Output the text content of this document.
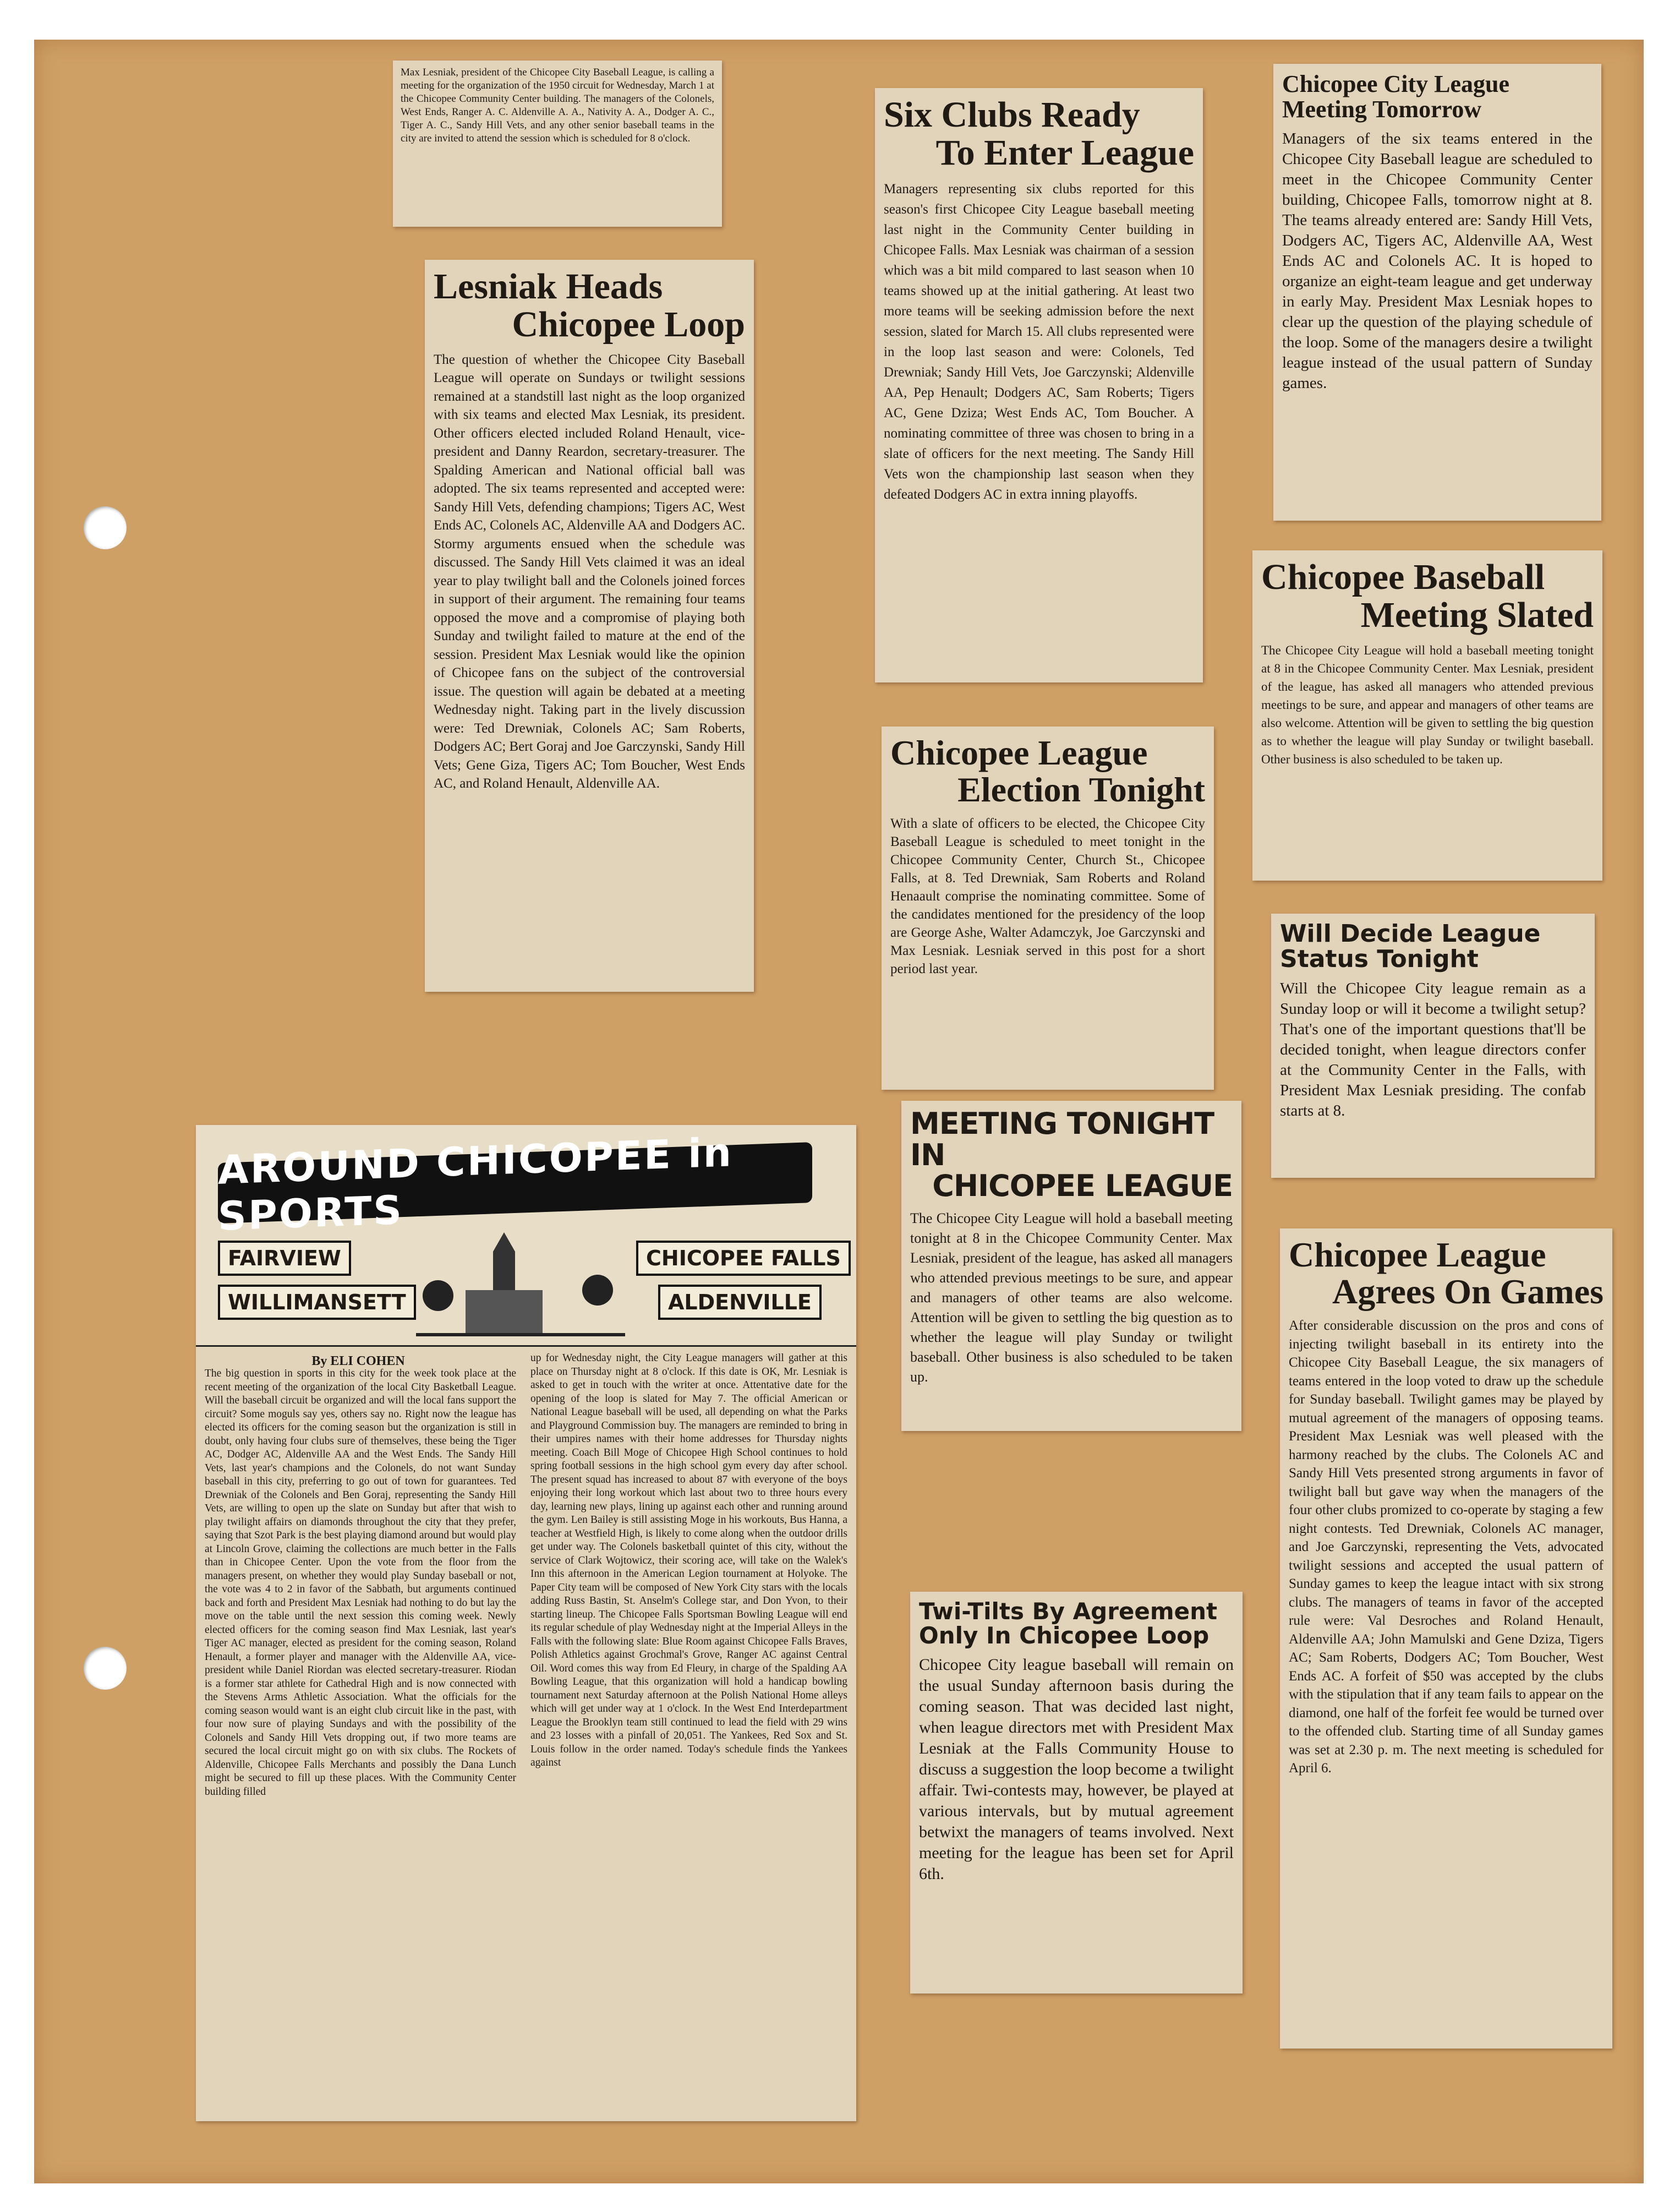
Max Lesniak, president of the Chicopee City Baseball League, is calling a meeting for the organization of the 1950 circuit for Wednesday, March 1 at the Chicopee Community Center building. The managers of the Colonels, West Ends, Ranger A. C. Aldenville A. A., Nativity A. A., Dodger A. C., Tiger A. C., Sandy Hill Vets, and any other senior baseball teams in the city are invited to attend the session which is scheduled for 8 o'clock.

Lesniak Heads
Chicopee Loop

The question of whether the Chicopee City Baseball League will operate on Sundays or twilight sessions remained at a standstill last night as the loop organized with six teams and elected Max Lesniak, its president. Other officers elected included Roland Henault, vice-president and Danny Reardon, secretary-treasurer. The Spalding American and National official ball was adopted. The six teams represented and accepted were: Sandy Hill Vets, defending champions; Tigers AC, West Ends AC, Colonels AC, Aldenville AA and Dodgers AC. Stormy arguments ensued when the schedule was discussed. The Sandy Hill Vets claimed it was an ideal year to play twilight ball and the Colonels joined forces in support of their argument. The remaining four teams opposed the move and a compromise of playing both Sunday and twilight failed to mature at the end of the session. President Max Lesniak would like the opinion of Chicopee fans on the subject of the controversial issue. The question will again be debated at a meeting Wednesday night. Taking part in the lively discussion were: Ted Drewniak, Colonels AC; Sam Roberts, Dodgers AC; Bert Goraj and Joe Garczynski, Sandy Hill Vets; Gene Giza, Tigers AC; Tom Boucher, West Ends AC, and Roland Henault, Aldenville AA.

Six Clubs Ready
To Enter League

Managers representing six clubs reported for this season's first Chicopee City League baseball meeting last night in the Community Center building in Chicopee Falls. Max Lesniak was chairman of a session which was a bit mild compared to last season when 10 teams showed up at the initial gathering. At least two more teams will be seeking admission before the next session, slated for March 15. All clubs represented were in the loop last season and were: Colonels, Ted Drewniak; Sandy Hill Vets, Joe Garczynski; Aldenville AA, Pep Henault; Dodgers AC, Sam Roberts; Tigers AC, Gene Dziza; West Ends AC, Tom Boucher. A nominating committee of three was chosen to bring in a slate of officers for the next meeting. The Sandy Hill Vets won the championship last season when they defeated Dodgers AC in extra inning playoffs.

Chicopee City League
Meeting Tomorrow

Managers of the six teams entered in the Chicopee City Baseball league are scheduled to meet in the Chicopee Community Center building, Chicopee Falls, tomorrow night at 8. The teams already entered are: Sandy Hill Vets, Dodgers AC, Tigers AC, Aldenville AA, West Ends AC and Colonels AC. It is hoped to organize an eight-team league and get underway in early May. President Max Lesniak hopes to clear up the question of the playing schedule of the loop. Some of the managers desire a twilight league instead of the usual pattern of Sunday games.

Chicopee Baseball
Meeting Slated

The Chicopee City League will hold a baseball meeting tonight at 8 in the Chicopee Community Center. Max Lesniak, president of the league, has asked all managers who attended previous meetings to be sure, and appear and managers of other teams are also welcome. Attention will be given to settling the big question as to whether the league will play Sunday or twilight baseball. Other business is also scheduled to be taken up.

Chicopee League
Election Tonight

With a slate of officers to be elected, the Chicopee City Baseball League is scheduled to meet tonight in the Chicopee Community Center, Church St., Chicopee Falls, at 8. Ted Drewniak, Sam Roberts and Roland Henaault comprise the nominating committee. Some of the candidates mentioned for the presidency of the loop are George Ashe, Walter Adamczyk, Joe Garczynski and Max Lesniak. Lesniak served in this post for a short period last year.

Will Decide League
Status Tonight

Will the Chicopee City league remain as a Sunday loop or will it become a twilight setup? That's one of the important questions that'll be decided tonight, when league directors confer at the Community Center in the Falls, with President Max Lesniak presiding. The confab starts at 8.

MEETING TONIGHT IN
CHICOPEE LEAGUE

The Chicopee City League will hold a baseball meeting tonight at 8 in the Chicopee Community Center. Max Lesniak, president of the league, has asked all managers who attended previous meetings to be sure, and appear and managers of other teams are also welcome. Attention will be given to settling the big question as to whether the league will play Sunday or twilight baseball. Other business is also scheduled to be taken up.

Chicopee League
Agrees On Games

After considerable discussion on the pros and cons of injecting twilight baseball in its entirety into the Chicopee City Baseball League, the six managers of teams entered in the loop voted to draw up the schedule for Sunday baseball. Twilight games may be played by mutual agreement of the managers of opposing teams. President Max Lesniak was well pleased with the harmony reached by the clubs. The Colonels AC and Sandy Hill Vets presented strong arguments in favor of twilight ball but gave way when the managers of the four other clubs promized to co-operate by staging a few night contests. Ted Drewniak, Colonels AC manager, and Joe Garczynski, representing the Vets, advocated twilight sessions and accepted the usual pattern of Sunday games to keep the league intact with six strong clubs. The managers of teams in favor of the accepted rule were: Val Desroches and Roland Henault, Aldenville AA; John Mamulski and Gene Dziza, Tigers AC; Sam Roberts, Dodgers AC; Tom Boucher, West Ends AC. A forfeit of $50 was accepted by the clubs with the stipulation that if any team fails to appear on the diamond, one half of the forfeit fee would be turned over to the offended club. Starting time of all Sunday games was set at 2.30 p. m. The next meeting is scheduled for April 6.

Twi-Tilts By Agreement
Only In Chicopee Loop

Chicopee City league baseball will remain on the usual Sunday afternoon basis during the coming season. That was decided last night, when league directors met with President Max Lesniak at the Falls Community House to discuss a suggestion the loop become a twilight affair. Twi-contests may, however, be played at various intervals, but by mutual agreement betwixt the managers of teams involved. Next meeting for the league has been set for April 6th.

AROUND CHICOPEE in SPORTS
FAIRVIEW
WILLIMANSETT
CHICOPEE FALLS
ALDENVILLE
By ELI COHEN

The big question in sports in this city for the week took place at the recent meeting of the organization of the local City Basketball League. Will the baseball circuit be organized and will the local fans support the circuit? Some moguls say yes, others say no. Right now the league has elected its officers for the coming season but the organization is still in doubt, only having four clubs sure of themselves, these being the Tiger AC, Dodger AC, Aldenville AA and the West Ends. The Sandy Hill Vets, last year's champions and the Colonels, do not want Sunday baseball in this city, preferring to go out of town for guarantees. Ted Drewniak of the Colonels and Ben Goraj, representing the Sandy Hill Vets, are willing to open up the slate on Sunday but after that wish to play twilight affairs on diamonds throughout the city that they prefer, saying that Szot Park is the best playing diamond around but would play at Lincoln Grove, claiming the collections are much better in the Falls than in Chicopee Center. Upon the vote from the floor from the managers present, on whether they would play Sunday baseball or not, the vote was 4 to 2 in favor of the Sabbath, but arguments continued back and forth and President Max Lesniak had nothing to do but lay the move on the table until the next session this coming week. Newly elected officers for the coming season find Max Lesniak, last year's Tiger AC manager, elected as president for the coming season, Roland Henault, a former player and manager with the Aldenville AA, vice-president while Daniel Riordan was elected secretary-treasurer. Riodan is a former star athlete for Cathedral High and is now connected with the Stevens Arms Athletic Association. What the officials for the coming season would want is an eight club circuit like in the past, with four now sure of playing Sundays and with the possibility of the Colonels and Sandy Hill Vets dropping out, if two more teams are secured the local circuit might go on with six clubs. The Rockets of Aldenville, Chicopee Falls Merchants and possibly the Dana Lunch might be secured to fill up these places. With the Community Center building filled

up for Wednesday night, the City League managers will gather at this place on Thursday night at 8 o'clock. If this date is OK, Mr. Lesniak is asked to get in touch with the writer at once. Attentative date for the opening of the loop is slated for May 7. The official American or National League baseball will be used, all depending on what the Parks and Playground Commission buy. The managers are reminded to bring in their umpires names with their home addresses for Thursday nights meeting. Coach Bill Moge of Chicopee High School continues to hold spring football sessions in the high school gym every day after school. The present squad has increased to about 87 with everyone of the boys enjoying their long workout which last about two to three hours every day, learning new plays, lining up against each other and running around the gym. Len Bailey is still assisting Moge in his workouts, Bus Hanna, a teacher at Westfield High, is likely to come along when the outdoor drills get under way. The Colonels basketball quintet of this city, without the service of Clark Wojtowicz, their scoring ace, will take on the Walek's Inn this afternoon in the American Legion tournament at Holyoke. The Paper City team will be composed of New York City stars with the locals adding Russ Bastin, St. Anselm's College star, and Don Yvon, to their starting lineup. The Chicopee Falls Sportsman Bowling League will end its regular schedule of play Wednesday night at the Imperial Alleys in the Falls with the following slate: Blue Room against Chicopee Falls Braves, Polish Athletics against Grochmal's Grove, Ranger AC against Central Oil. Word comes this way from Ed Fleury, in charge of the Spalding AA Bowling League, that this organization will hold a handicap bowling tournament next Saturday afternoon at the Polish National Home alleys which will get under way at 1 o'clock. In the West End Interdepartment League the Brooklyn team still continued to lead the field with 29 wins and 23 losses with a pinfall of 20,051. The Yankees, Red Sox and St. Louis follow in the order named. Today's schedule finds the Yankees against
